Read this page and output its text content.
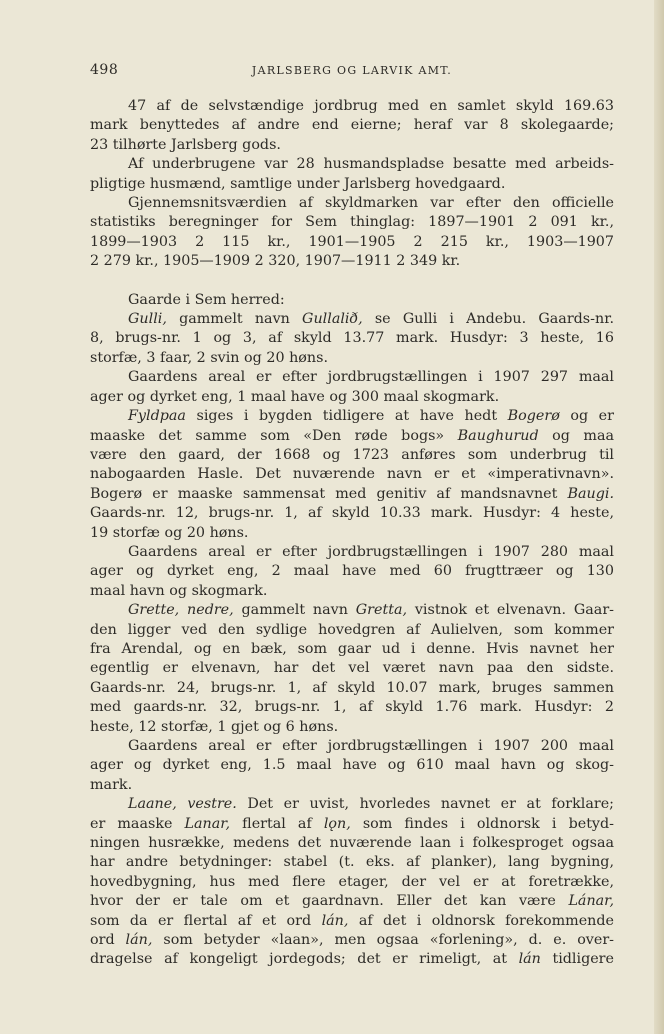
498	JARLSBERG OG LARVIK AMT.

47 af de selvstændige jordbrug med en samlet skyld 169.63
mark benyttedes af andre end eierne; heraf var 8 skolegaarde;
23 tilhørte Jarlsberg gods.

Af underbrugene var 28 husmandspladse besatte med arbeids-
pligtige husmænd, samtlige under Jarlsberg hovedgaard.

Gjennemsnitsværdien af skyldmarken var efter den officielle
statistiks beregninger for Sem thinglag: 1897—1901 2 091 kr.,
1899—1903 2 115 kr., 1901—1905 2 215 kr., 1903—1907
2 279 kr., 1905—1909 2 320, 1907—1911 2 349 kr.

Gaarde i Sem herred:

Gulli, gammelt navn Gullalið, se Gulli i Andebu. Gaards-nr.
8, brugs-nr. 1 og 3, af skyld 13.77 mark. Husdyr: 3 heste, 16
storfæ, 3 faar, 2 svin og 20 høns.

Gaardens areal er efter jordbrugstællingen i 1907 297 maal
ager og dyrket eng, 1 maal have og 300 maal skogmark.

Fyldpaa siges i bygden tidligere at have hedt Bogerø og er
maaske det samme som «Den røde bogs» Baughurud og maa
være den gaard, der 1668 og 1723 anføres som underbrug til
nabogaarden Hasle. Det nuværende navn er et «imperativnavn».
Bogerø er maaske sammensat med genitiv af mandsnavnet Baugi.
Gaards-nr. 12, brugs-nr. 1, af skyld 10.33 mark. Husdyr: 4 heste,
19 storfæ og 20 høns.

Gaardens areal er efter jordbrugstællingen i 1907 280 maal
ager og dyrket eng, 2 maal have med 60 frugttræer og 130
maal havn og skogmark.

Grette, nedre, gammelt navn Gretta, vistnok et elvenavn. Gaar-
den ligger ved den sydlige hovedgren af Aulielven, som kommer
fra Arendal, og en bæk, som gaar ud i denne. Hvis navnet her
egentlig er elvenavn, har det vel været navn paa den sidste.
Gaards-nr. 24, brugs-nr. 1, af skyld 10.07 mark, bruges sammen
med gaards-nr. 32, brugs-nr. 1, af skyld 1.76 mark. Husdyr: 2
heste, 12 storfæ, 1 gjet og 6 høns.

Gaardens areal er efter jordbrugstællingen i 1907 200 maal
ager og dyrket eng, 1.5 maal have og 610 maal havn og skog-
mark.

Laane, vestre. Det er uvist, hvorledes navnet er at forklare;
er maaske Lanar, flertal af lǫn, som findes i oldnorsk i betyd-
ningen husrække, medens det nuværende laan i folkesproget ogsaa
har andre betydninger: stabel (t. eks. af planker), lang bygning,
hovedbygning, hus med flere etager, der vel er at foretrække,
hvor der er tale om et gaardnavn. Eller det kan være Lánar,
som da er flertal af et ord lán, af det i oldnorsk forekommende
ord lán, som betyder «laan», men ogsaa «forlening», d. e. over-
dragelse af kongeligt jordegods; det er rimeligt, at lán tidligere
